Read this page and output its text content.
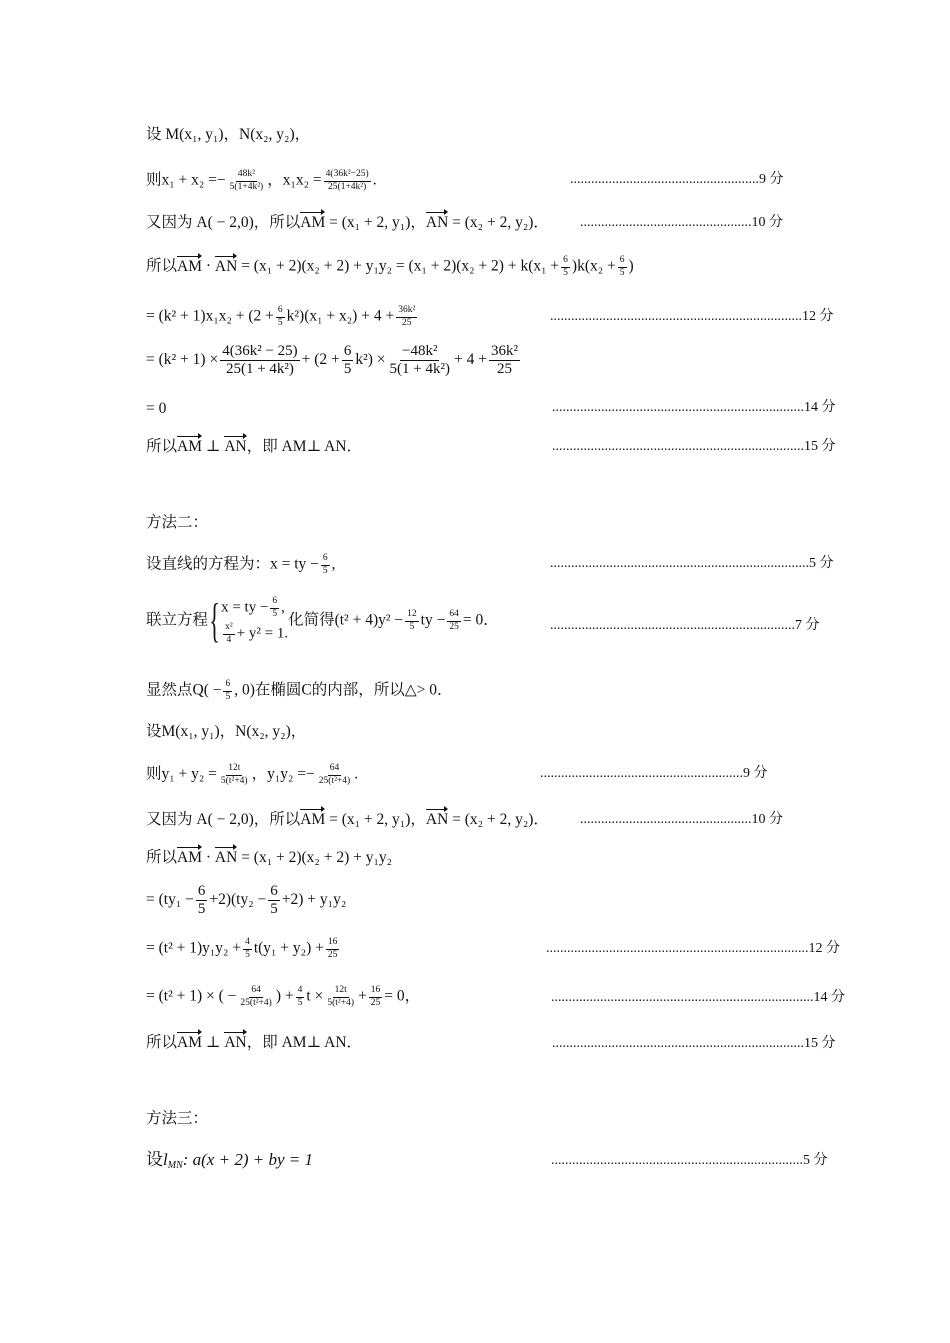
设 M(x₁, y₁)，N(x₂, y₂)，
则$x_1 + x_2 =- \frac{\text{48k²}}{\text{5(1+4k²)}}$ ，$x_1x_2 = \frac{\text{4(36k²−25)}}{\text{25(1+4k²)}}$ .	......................................................9 分
又因为 A( − 2,0)，所以AM = (x₁ + 2, y₁)，AN = (x₂ + 2, y₂)． .................................................10 分
所以AM · AN = $(x_1 + 2)(x_2 + 2) + y_1y_2 = (x_1 + 2)(x_2 + 2) + k(x_1 + \frac{6}{5} )k(x_2 + \frac{6}{5}$ )
= $(k^2 + 1)x_1x_2 + (2 + \frac{6}{5} k^2)(x_1 + x_2) + 4 + \frac{\text{36k²}}{25}$	........................................................................12 分
= $(k^2 + 1) \times \frac{\text{4(36k² − 25)}}{\text{25(1 + 4k²)}} + (2 + \frac{6}{5} k^2) \times \frac{\text{−48k²}}{\text{5(1 + 4k²)}} + 4 + \frac{\text{36k²}}{25}$
= 0	........................................................................14 分
所以AM ⊥ AN，即 AM⊥ AN．	........................................................................15 分
方法二：
设直线的方程为：x = ty − $\frac{6}{5}$ ,	..........................................................................5 分
联立方程{ x = ty − $\frac{6}{5}$ ,
$\frac{\text{x²}}{4} + y^2 = 1$.
化简得$(t^2 + 4)y^2 - \frac{12}{5}$ ty − $\frac{64}{25} = 0$．	......................................................................7 分
显然点$Q( - \frac{6}{5}$ , 0)在椭圆C的内部，所以△> 0．
设M(x₁, y₁)，N(x₂, y₂)，
则$y_1 + y_2 = \frac{12t}{\text{5(t²+4)}}$ ，$y_1y_2 =- \frac{64}{\text{25(t²+4)}}$ .	..........................................................9 分
又因为 A( − 2,0)，所以AM = (x₁ + 2, y₁)，AN = (x₂ + 2, y₂)． .................................................10 分
所以AM · AN = (x₁ + 2)(x₂ + 2) + y₁y₂
= $(ty_1 - \frac{6}{5} +2)(ty_2 - \frac{6}{5} +2) + y_1y_2$
= $(t^2 + 1)y_1y_2 + \frac{4}{5} t(y_1 + y_2) + \frac{16}{25}$	...........................................................................12 分
= (t² + 1) × ( − $\frac{64}{\text{25(t²+4)}}$ ) + $\frac{4}{5}$ $t \times \frac{12t}{\text{5(t²+4)}} + \frac{16}{25} = 0$，	...........................................................................14 分
所以AM ⊥ AN，即 AM⊥ AN．	........................................................................15 分
方法三：
设$l_{MN}$: a(x + 2) + by = 1	........................................................................5 分
